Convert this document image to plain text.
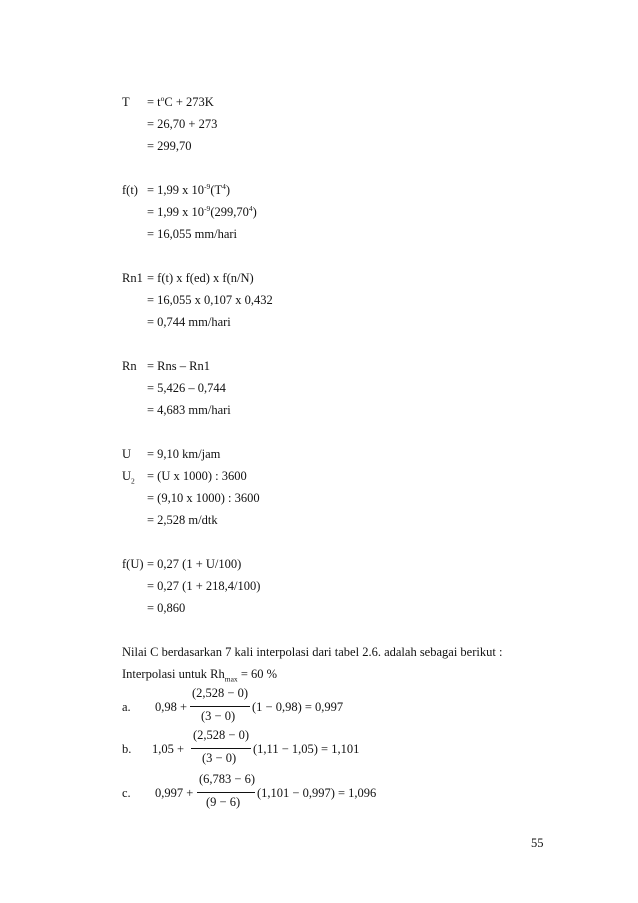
$T = t^oC + 273K$
= 26,70 + 273
= 299,70
f(t) = 1,99 x $10^{-9}(T^4)$
= 1,99 x $10^{-9}(299,70^4)$
= 16,055 mm/hari
Rn1 = f(t) x f(ed) x f(n/N)
= 16,055 x 0,107 x 0,432
= 0,744 mm/hari
Rn = Rns – Rn1
= 5,426 – 0,744
= 4,683 mm/hari
U = 9,10 km/jam
$U_2 = (U$ x 1000) : 3600
= (9,10 x 1000) : 3600
= 2,528 m/dtk
f(U) = 0,27 (1 + U/100)
= 0,27 (1 + 218,4/100)
= 0,860
Nilai C berdasarkan 7 kali interpolasi dari tabel 2.6. adalah sebagai berikut :
Interpolasi untuk $Rh_{max} = 60$ %
a. 0,98 +
(2,528 − 0)
(3 − 0)
(1 − 0,98) = 0,997
b. 1,05 +
(2,528 − 0)
(3 − 0)
(1,11 − 1,05) = 1,101
c. 0,997 +
(6,783 − 6)
(9 − 6)
(1,101 − 0,997) = 1,096
55
